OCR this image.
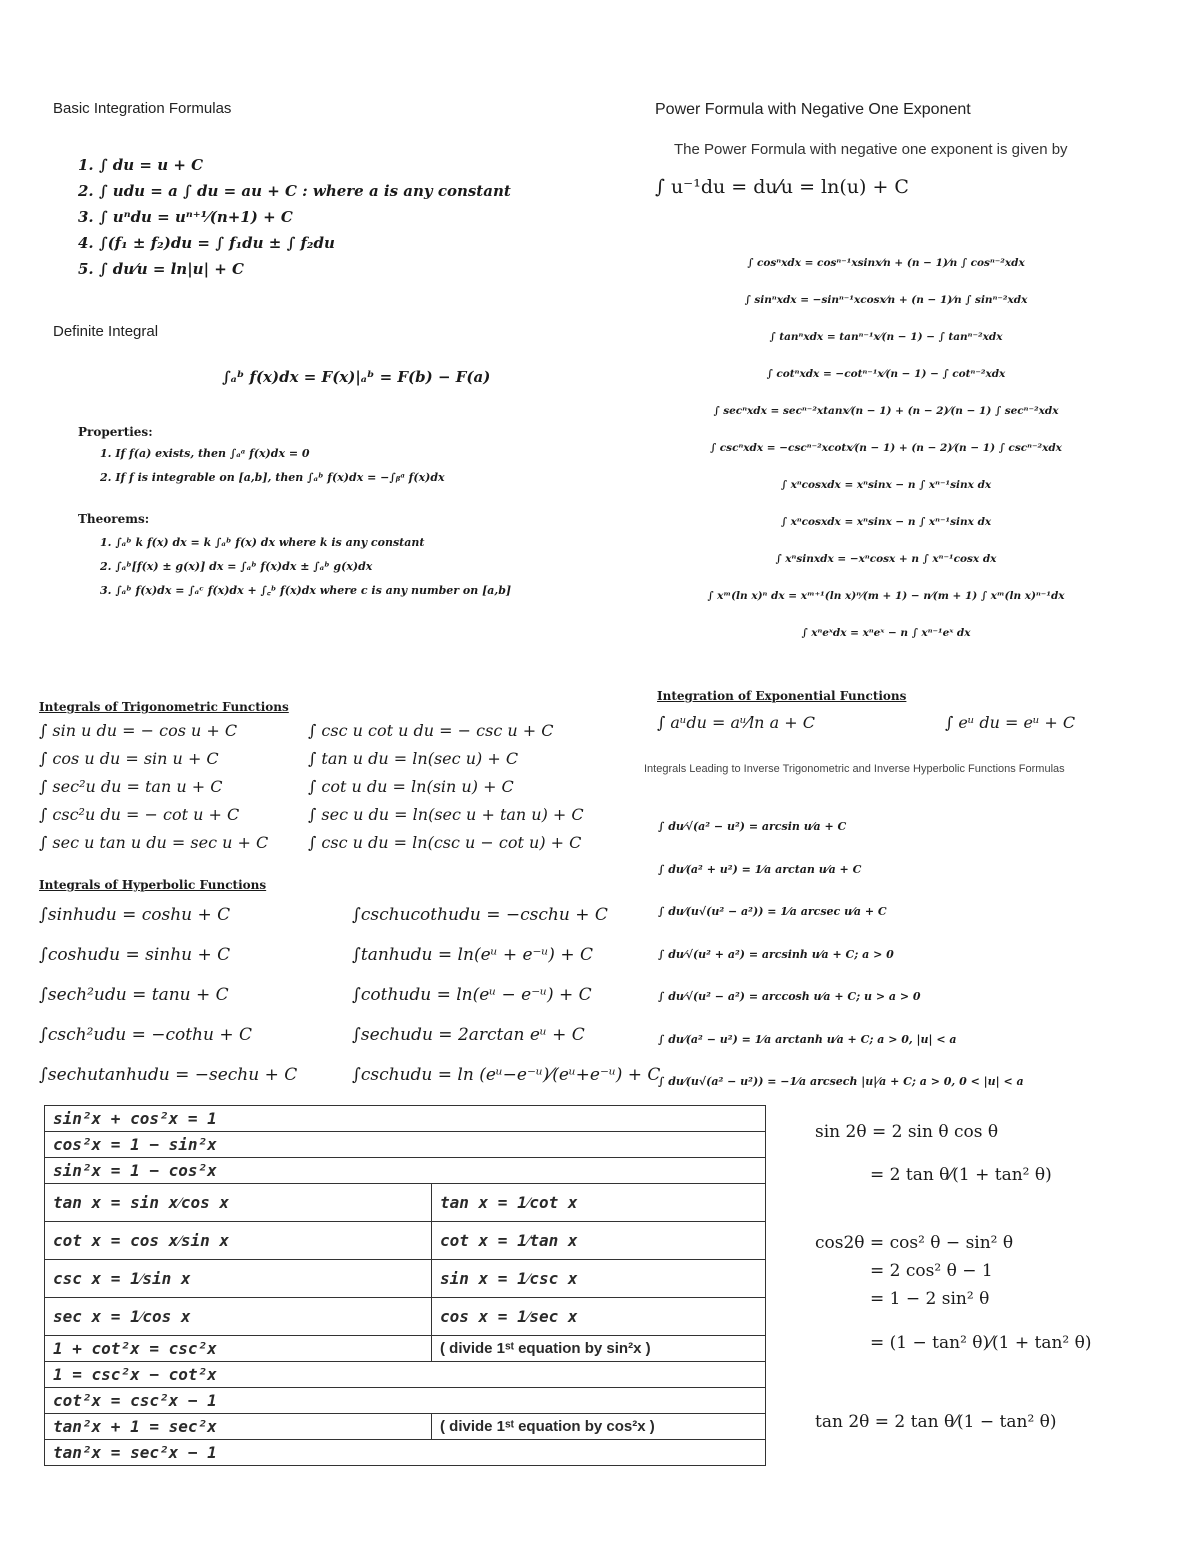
Basic Integration Formulas
1. ∫ du = u + C
2. ∫ udu = a ∫ du = au + C : where a is any constant
3. ∫ uⁿdu = uⁿ⁺¹⁄(n+1) + C
4. ∫(f₁ ± f₂)du = ∫ f₁du ± ∫ f₂du
5. ∫ du⁄u = ln|u| + C
Definite Integral
∫ₐᵇ f(x)dx = F(x)|ₐᵇ = F(b) − F(a)
Properties:
1. If f(a) exists, then ∫ₐᵃ f(x)dx = 0
2. If f is integrable on [a,b], then ∫ₐᵇ f(x)dx = −∫ᵦᵃ f(x)dx
Theorems:
1. ∫ₐᵇ k f(x) dx = k ∫ₐᵇ f(x) dx where k is any constant
2. ∫ₐᵇ[f(x) ± g(x)] dx = ∫ₐᵇ f(x)dx ± ∫ₐᵇ g(x)dx
3. ∫ₐᵇ f(x)dx = ∫ₐᶜ f(x)dx + ∫꜀ᵇ f(x)dx where c is any number on [a,b]
Power Formula with Negative One Exponent
The Power Formula with negative one exponent is given by
∫ u⁻¹du = du⁄u = ln(u) + C
∫ cosⁿxdx = cosⁿ⁻¹xsinx⁄n + (n − 1)⁄n ∫ cosⁿ⁻²xdx
∫ sinⁿxdx = −sinⁿ⁻¹xcosx⁄n + (n − 1)⁄n ∫ sinⁿ⁻²xdx
∫ tanⁿxdx = tanⁿ⁻¹x⁄(n − 1) − ∫ tanⁿ⁻²xdx
∫ cotⁿxdx = −cotⁿ⁻¹x⁄(n − 1) − ∫ cotⁿ⁻²xdx
∫ secⁿxdx = secⁿ⁻²xtanx⁄(n − 1) + (n − 2)⁄(n − 1) ∫ secⁿ⁻²xdx
∫ cscⁿxdx = −cscⁿ⁻²xcotx⁄(n − 1) + (n − 2)⁄(n − 1) ∫ cscⁿ⁻²xdx
∫ xⁿcosxdx = xⁿsinx − n ∫ xⁿ⁻¹sinx dx
∫ xⁿcosxdx = xⁿsinx − n ∫ xⁿ⁻¹sinx dx
∫ xⁿsinxdx = −xⁿcosx + n ∫ xⁿ⁻¹cosx dx
∫ xᵐ(ln x)ⁿ dx = xᵐ⁺¹(ln x)ⁿ⁄(m + 1) − n⁄(m + 1) ∫ xᵐ(ln x)ⁿ⁻¹dx
∫ xⁿeˣdx = xⁿeˣ − n ∫ xⁿ⁻¹eˣ dx
Integrals of Trigonometric Functions
∫ sin u du = − cos u + C
∫ cos u du = sin u + C
∫ sec²u du = tan u + C
∫ csc²u du = − cot u + C
∫ sec u tan u du = sec u + C
∫ csc u cot u du = − csc u + C
∫ tan u du = ln(sec u) + C
∫ cot u du = ln(sin u) + C
∫ sec u du = ln(sec u + tan u) + C
∫ csc u du = ln(csc u − cot u) + C
Integrals of Hyperbolic Functions
∫sinhudu = coshu + C
∫coshudu = sinhu + C
∫sech²udu = tanu + C
∫csch²udu = −cothu + C
∫sechutanhudu = −sechu + C
∫cschucothudu = −cschu + C
∫tanhudu = ln(eᵘ + e⁻ᵘ) + C
∫cothudu = ln(eᵘ − e⁻ᵘ) + C
∫sechudu = 2arctan eᵘ + C
∫cschudu = ln (eᵘ−e⁻ᵘ)⁄(eᵘ+e⁻ᵘ) + C
Integration of Exponential Functions
∫ aᵘdu = aᵘ⁄ln a + C	∫ eᵘ du = eᵘ + C
Integrals Leading to Inverse Trigonometric and Inverse Hyperbolic Functions Formulas
∫ du⁄√(a² − u²) = arcsin u⁄a + C
∫ du⁄(a² + u²) = 1⁄a arctan u⁄a + C
∫ du⁄(u√(u² − a²)) = 1⁄a arcsec u⁄a + C
∫ du⁄√(u² + a²) = arcsinh u⁄a + C; a > 0
∫ du⁄√(u² − a²) = arccosh u⁄a + C; u > a > 0
∫ du⁄(a² − u²) = 1⁄a arctanh u⁄a + C; a > 0, |u| < a
∫ du⁄(u√(a² − u²)) = −1⁄a arcsech |u|⁄a + C; a > 0, 0 < |u| < a
sin²x + cos²x = 1	
cos²x = 1 − sin²x	
sin²x = 1 − cos²x	
tan x = sin x⁄cos x	tan x = 1⁄cot x
cot x = cos x⁄sin x	cot x = 1⁄tan x
csc x = 1⁄sin x	sin x = 1⁄csc x
sec x = 1⁄cos x	cos x = 1⁄sec x
1 + cot²x = csc²x	( divide 1ˢᵗ equation by sin²x )
1 = csc²x − cot²x	
cot²x = csc²x − 1	
tan²x + 1 = sec²x	( divide 1ˢᵗ equation by cos²x )
tan²x = sec²x − 1	
sin 2θ = 2 sin θ cos θ
= 2 tan θ⁄(1 + tan² θ)
cos2θ = cos² θ − sin² θ
= 2 cos² θ − 1
= 1 − 2 sin² θ
= (1 − tan² θ)⁄(1 + tan² θ)
tan 2θ = 2 tan θ⁄(1 − tan² θ)
